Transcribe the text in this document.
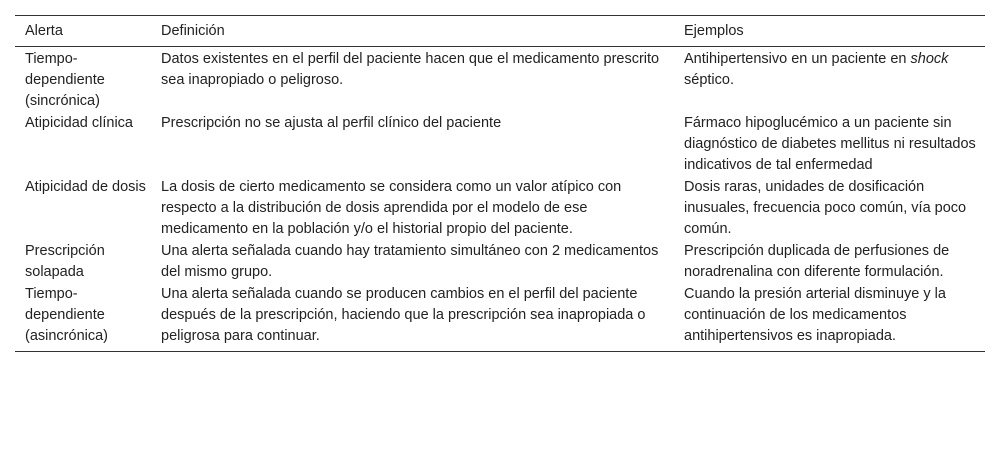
Alerta	Definición	Ejemplos
Tiempo-dependiente (sincrónica)	Datos existentes en el perfil del paciente hacen que el medicamento prescrito sea inapropiado o peligroso.	Antihipertensivo en un paciente en shock séptico.
Atipicidad clínica	Prescripción no se ajusta al perfil clínico del paciente	Fármaco hipoglucémico a un paciente sin diagnóstico de diabetes mellitus ni resultados indicativos de tal enfermedad
Atipicidad de dosis	La dosis de cierto medicamento se considera como un valor atípico con respecto a la distribución de dosis aprendida por el modelo de ese medicamento en la población y/o el historial propio del paciente.	Dosis raras, unidades de dosificación inusuales, frecuencia poco común, vía poco común.
Prescripción solapada	Una alerta señalada cuando hay tratamiento simultáneo con 2 medicamentos del mismo grupo.	Prescripción duplicada de perfusiones de noradrenalina con diferente formulación.
Tiempo-dependiente (asincrónica)	Una alerta señalada cuando se producen cambios en el perfil del paciente después de la prescripción, haciendo que la prescripción sea inapropiada o peligrosa para continuar.	Cuando la presión arterial disminuye y la continuación de los medicamentos antihipertensivos es inapropiada.
